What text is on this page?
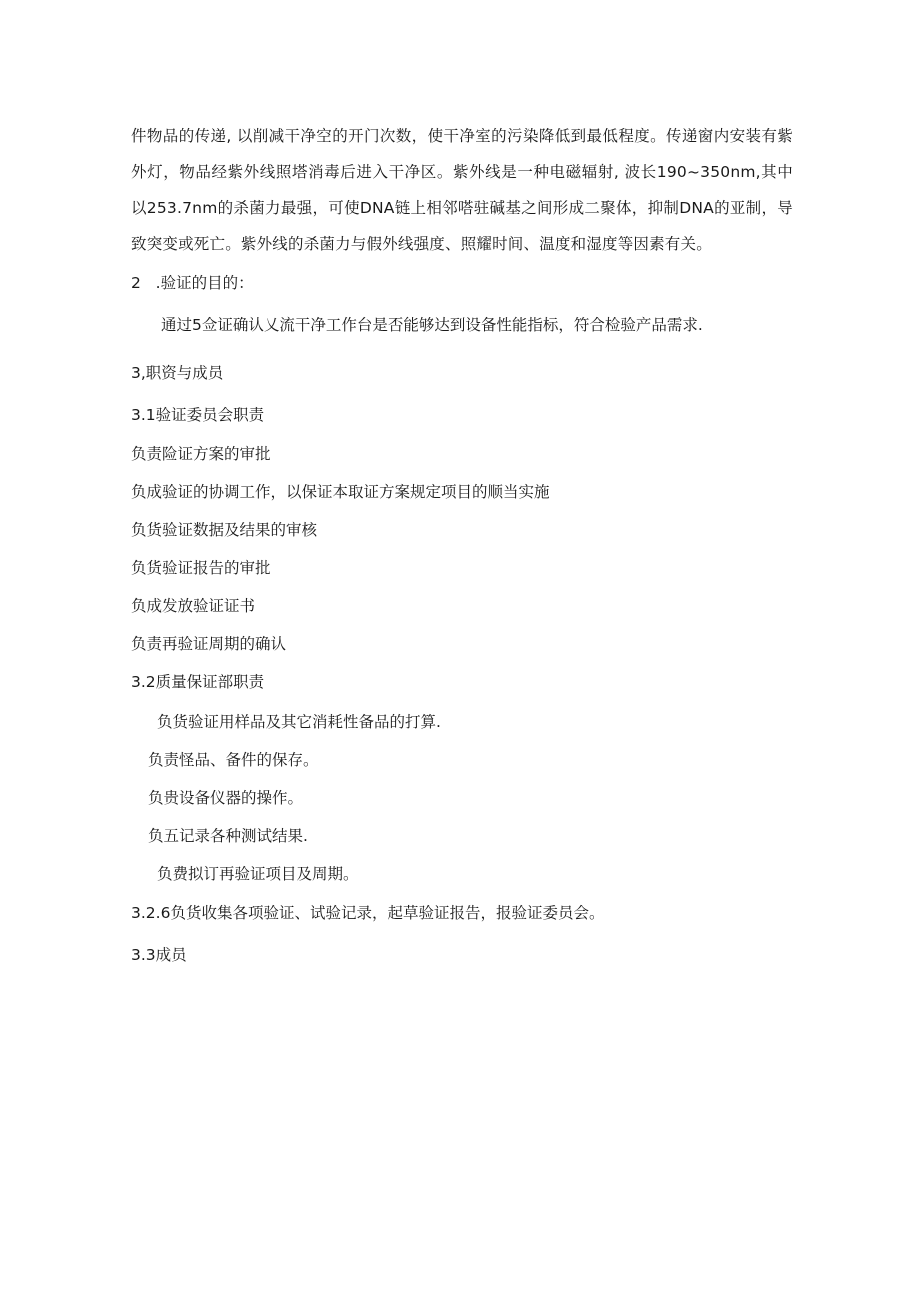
件物品的传递, 以削减干净空的开门次数，使干净室的污染降低到最低程度。传递窗内安装有紫外灯，物品经紫外线照塔消毒后进入干净区。紫外线是一种电磁辐射, 波长190~350nm,其中以253.7nm的杀菌力最强，可使DNA链上相邻嗒驻碱基之间形成二聚体，抑制DNA的亚制，导致突变或死亡。紫外线的杀菌力与假外线强度、照耀时间、温度和湿度等因素有关。

2   .验证的目的：

通过5佥证确认乂流干净工作台是否能够达到设备性能指标，符合检验产品需求.

3,职资与成员

3.1验证委员会职责

负责险证方案的审批

负成验证的协调工作，以保证本取证方案规定项目的顺当实施

负货验证数据及结果的审核

负货验证报告的审批

负成发放验证证书

负责再验证周期的确认

3.2质量保证部职责

负货验证用样品及其它消耗性备品的打算.

负责怪品、备件的保存。

负贵设备仪器的操作。

负五记录各种测试结果.

负费拟订再验证项目及周期。

3.2.6负货收集各项验证、试验记录，起草验证报告，报验证委员会。

3.3成员
